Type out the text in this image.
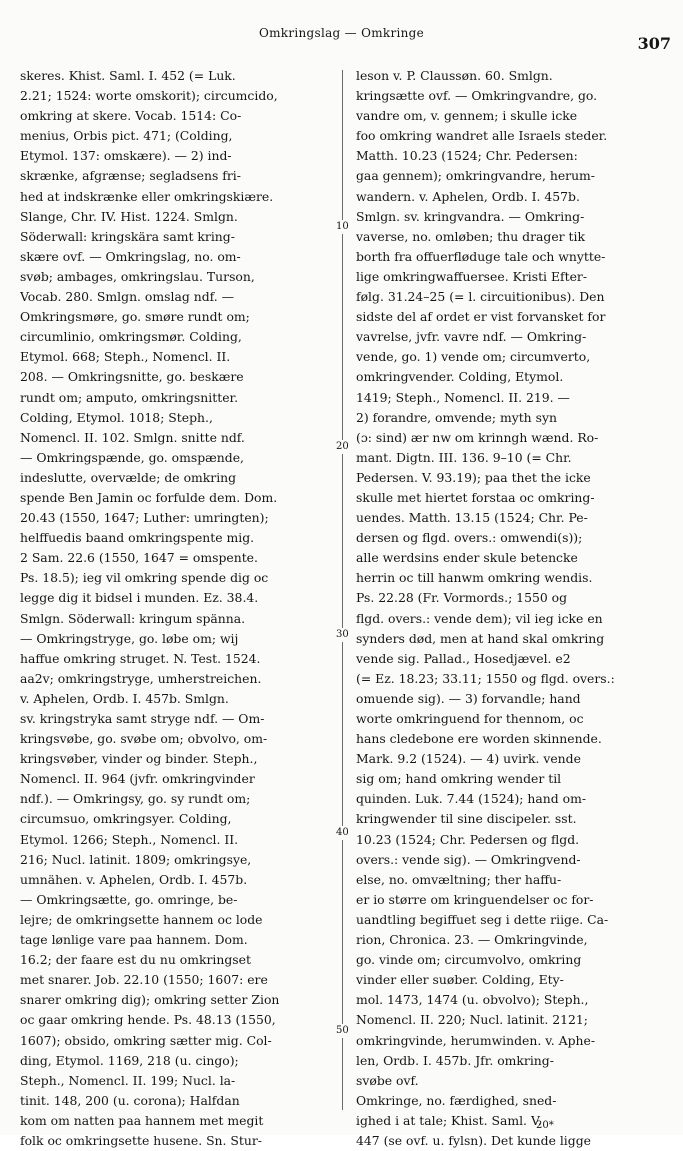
Omkringslag — Omkringe
307
skeres. Khist. Saml. I. 452 (= Luk.
2.21; 1524: worte omskorit); circumcido,
omkring at skere. Vocab. 1514: Co-
menius, Orbis pict. 471; (Colding,
Etymol. 137: omskære). — 2) ind-
skrænke, afgrænse; segladsens fri-
hed at indskrænke eller omkringskiære.
Slange, Chr. IV. Hist. 1224. Smlgn.
Söderwall: kringskära samt kring-
skære ovf. — Omkringslag, no. om-
svøb; ambages, omkringslau. Turson,
Vocab. 280. Smlgn. omslag ndf. —
Omkringsmøre, go. smøre rundt om;
circumlinio, omkringsmør. Colding,
Etymol. 668; Steph., Nomencl. II.
208. — Omkringsnitte, go. beskære
rundt om; amputo, omkringsnitter.
Colding, Etymol. 1018; Steph.,
Nomencl. II. 102. Smlgn. snitte ndf.
— Omkringspænde, go. omspænde,
indeslutte, overvælde; de omkring
spende Ben Jamin oc forfulde dem. Dom.
20.43 (1550, 1647; Luther: umringten);
helffuedis baand omkringspente mig.
2 Sam. 22.6 (1550, 1647 = omspente.
Ps. 18.5); ieg vil omkring spende dig oc
legge dig it bidsel i munden. Ez. 38.4.
Smlgn. Söderwall: kringum spänna.
— Omkringstryge, go. løbe om; wij
haffue omkring struget. N. Test. 1524.
aa2v; omkringstryge, umherstreichen.
v. Aphelen, Ordb. I. 457b. Smlgn.
sv. kringstryka samt stryge ndf. — Om-
kringsvøbe, go. svøbe om; obvolvo, om-
kringsvøber, vinder og binder. Steph.,
Nomencl. II. 964 (jvfr. omkringvinder
ndf.). — Omkringsy, go. sy rundt om;
circumsuo, omkringsyer. Colding,
Etymol. 1266; Steph., Nomencl. II.
216; Nucl. latinit. 1809; omkringsye,
umnähen. v. Aphelen, Ordb. I. 457b.
— Omkringsætte, go. omringe, be-
lejre; de omkringsette hannem oc lode
tage lønlige vare paa hannem. Dom.
16.2; der faare est du nu omkringset
met snarer. Job. 22.10 (1550; 1607: ere
snarer omkring dig); omkring setter Zion
oc gaar omkring hende. Ps. 48.13 (1550,
1607); obsido, omkring sætter mig. Col-
ding, Etymol. 1169, 218 (u. cingo);
Steph., Nomencl. II. 199; Nucl. la-
tinit. 148, 200 (u. corona); Halfdan
kom om natten paa hannem met megit
folk oc omkringsette husene. Sn. Stur-
10
20
30
40
50
leson v. P. Claussøn. 60. Smlgn.
kringsætte ovf. — Omkringvandre, go.
vandre om, v. gennem; i skulle icke
foo omkring wandret alle Israels steder.
Matth. 10.23 (1524; Chr. Pedersen:
gaa gennem); omkringvandre, herum-
wandern. v. Aphelen, Ordb. I. 457b.
Smlgn. sv. kringvandra. — Omkring-
vaverse, no. omløben; thu drager tik
borth fra offuerfløduge tale och wnytte-
lige omkringwaffuersee. Kristi Efter-
følg. 31.24–25 (= l. circuitionibus). Den
sidste del af ordet er vist forvansket for
vavrelse, jvfr. vavre ndf. — Omkring-
vende, go. 1) vende om; circumverto,
omkringvender. Colding, Etymol.
1419; Steph., Nomencl. II. 219. —
2) forandre, omvende; myth syn
(ɔ: sind) ær nw om krinngh wænd. Ro-
mant. Digtn. III. 136. 9–10 (= Chr.
Pedersen. V. 93.19); paa thet the icke
skulle met hiertet forstaa oc omkring-
uendes. Matth. 13.15 (1524; Chr. Pe-
dersen og flgd. overs.: omwendi(s));
alle werdsins ender skule betencke
herrin oc till hanwm omkring wendis.
Ps. 22.28 (Fr. Vormords.; 1550 og
flgd. overs.: vende dem); vil ieg icke en
synders død, men at hand skal omkring
vende sig. Pallad., Hosedjævel. e2
(= Ez. 18.23; 33.11; 1550 og flgd. overs.:
omuende sig). — 3) forvandle; hand
worte omkringuend for thennom, oc
hans cledebone ere worden skinnende.
Mark. 9.2 (1524). — 4) uvirk. vende
sig om; hand omkring wender til
quinden. Luk. 7.44 (1524); hand om-
kringwender til sine discipeler. sst.
10.23 (1524; Chr. Pedersen og flgd.
overs.: vende sig). — Omkringvend-
else, no. omvæltning; ther haffu-
er io større om kringuendelser oc for-
uandtling begiffuet seg i dette riige. Ca-
rion, Chronica. 23. — Omkringvinde,
go. vinde om; circumvolvo, omkring
vinder eller suøber. Colding, Ety-
mol. 1473, 1474 (u. obvolvo); Steph.,
Nomencl. II. 220; Nucl. latinit. 2121;
omkringvinde, herumwinden. v. Aphe-
len, Ordb. I. 457b. Jfr. omkring-
svøbe ovf.
Omkringe, no. færdighed, sned-
ighed i at tale; Khist. Saml. V.
447 (se ovf. u. fylsn). Det kunde ligge
20*
